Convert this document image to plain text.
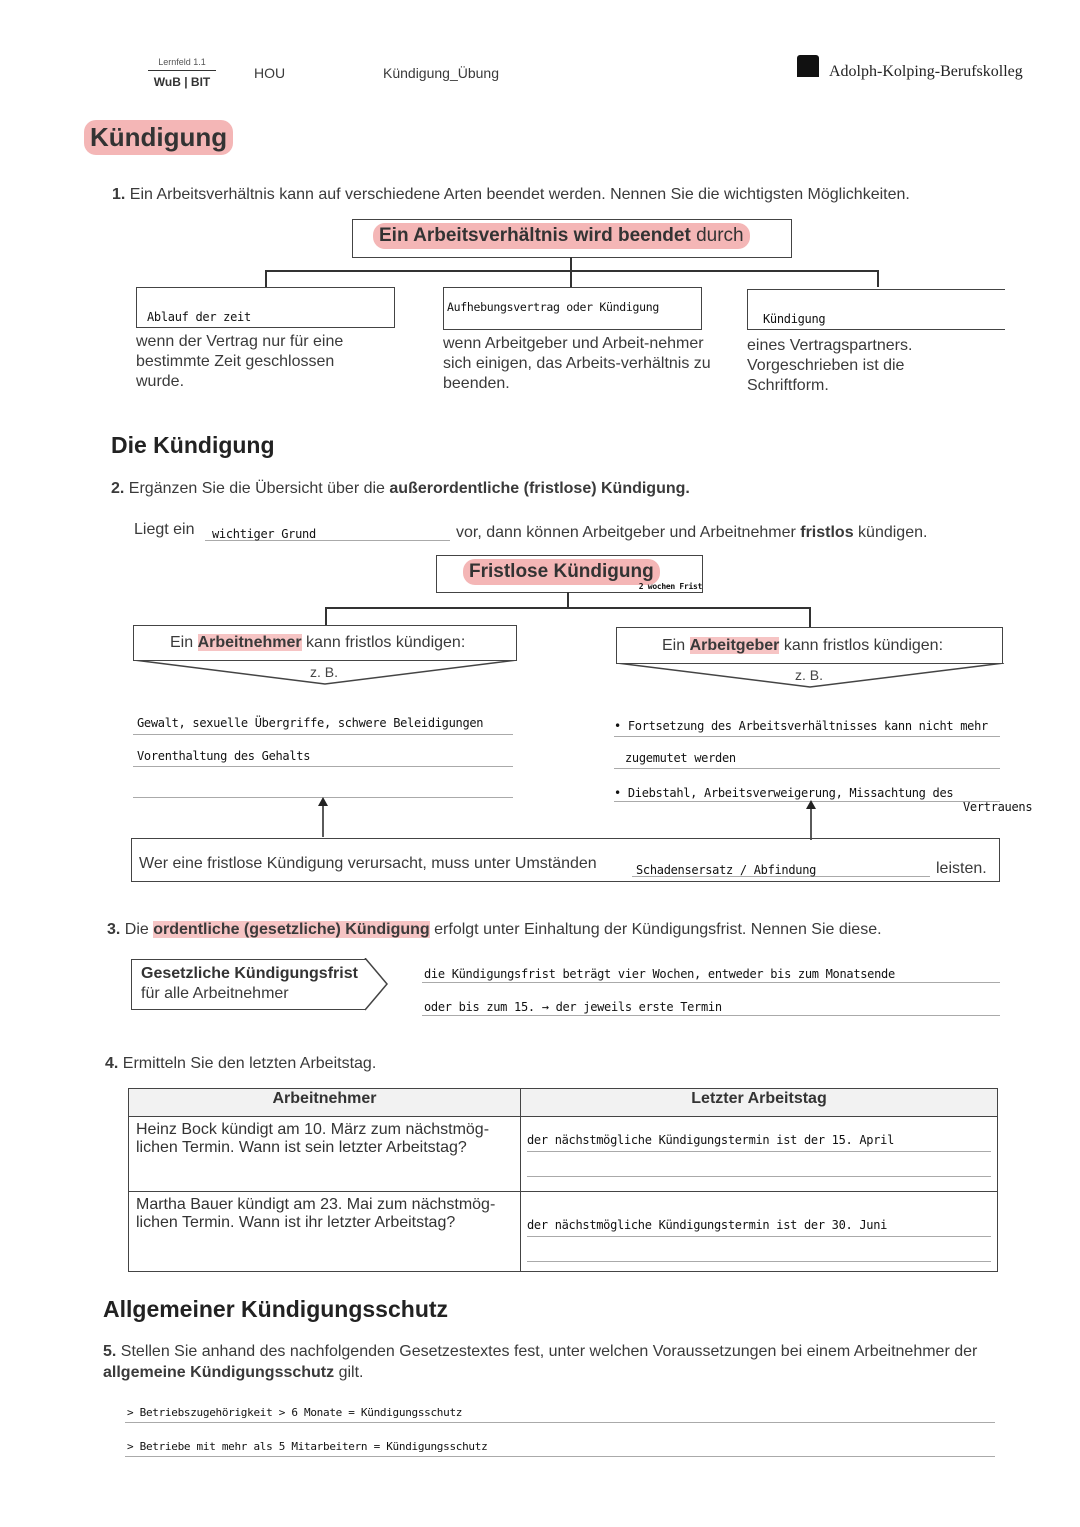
Lernfeld 1.1
WuB | BIT
HOU	Kündigung_Übung	Adolph-Kolping-Berufskolleg
Kündigung
1. Ein Arbeitsverhältnis kann auf verschiedene Arten beendet werden. Nennen Sie die wichtigsten Möglichkeiten.
Ein Arbeitsverhältnis wird beendet durch
Ablauf der zeit
Aufhebungsvertrag oder Kündigung
Kündigung
wenn der Vertrag nur für eine bestimmte Zeit geschlossen wurde.
wenn Arbeitgeber und Arbeit-nehmer sich einigen, das Arbeits-verhältnis zu beenden.
eines Vertragspartners. Vorgeschrieben ist die Schriftform.
Die Kündigung
2. Ergänzen Sie die Übersicht über die außerordentliche (fristlose) Kündigung.
Liegt ein wichtiger Grund	vor, dann können Arbeitgeber und Arbeitnehmer fristlos kündigen.
Fristlose Kündigung
2 wochen Frist
Ein Arbeitnehmer kann fristlos kündigen:
z. B.
Ein Arbeitgeber kann fristlos kündigen:
z. B.
Gewalt, sexuelle Übergriffe, schwere Beleidigungen
Vorenthaltung des Gehalts
• Fortsetzung des Arbeitsverhältnisses kann nicht mehr
zugemutet werden
• Diebstahl, Arbeitsverweigerung, Missachtung des
Vertrauens
Wer eine fristlose Kündigung verursacht, muss unter Umständen	Schadensersatz / Abfindung	leisten.
3. Die ordentliche (gesetzliche) Kündigung erfolgt unter Einhaltung der Kündigungsfrist. Nennen Sie diese.
Gesetzliche Kündigungsfrist
für alle Arbeitnehmer
die Kündigungsfrist beträgt vier Wochen, entweder bis zum Monatsende
oder bis zum 15. → der jeweils erste Termin
4. Ermitteln Sie den letzten Arbeitstag.
Arbeitnehmer	Letzter Arbeitstag
Heinz Bock kündigt am 10. März zum nächstmög-lichen Termin. Wann ist sein letzter Arbeitstag?	der nächstmögliche Kündigungstermin ist der 15. April

Martha Bauer kündigt am 23. Mai zum nächstmög-lichen Termin. Wann ist ihr letzter Arbeitstag?	der nächstmögliche Kündigungstermin ist der 30. Juni
Allgemeiner Kündigungsschutz
5. Stellen Sie anhand des nachfolgenden Gesetzestextes fest, unter welchen Voraussetzungen bei einem Arbeitnehmer der allgemeine Kündigungsschutz gilt.
> Betriebszugehörigkeit > 6 Monate = Kündigungsschutz
> Betriebe mit mehr als 5 Mitarbeitern = Kündigungsschutz
